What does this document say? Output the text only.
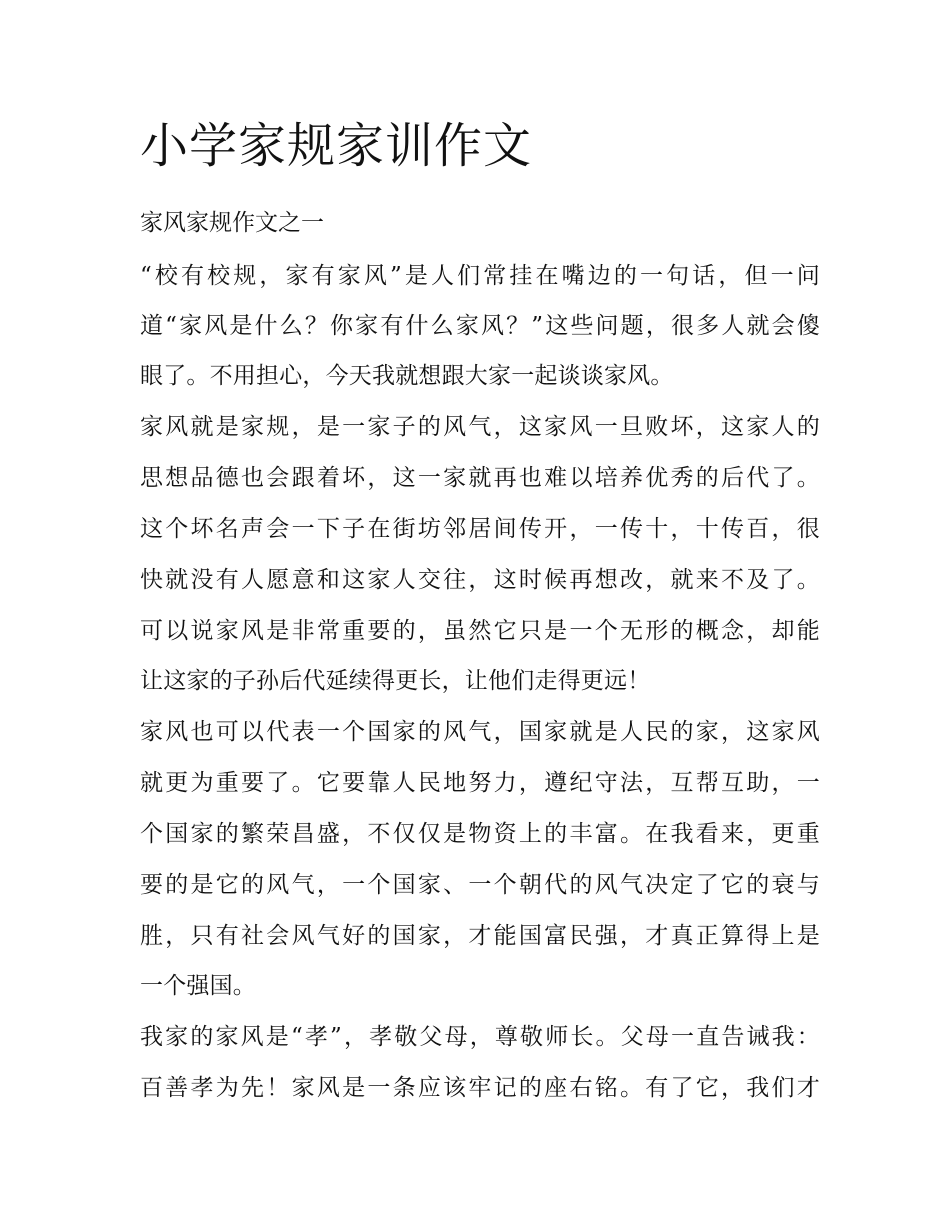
小学家规家训作文
家风家规作文之一
“校有校规，家有家风”是人们常挂在嘴边的一句话，但一问
道“家风是什么？你家有什么家风？”这些问题，很多人就会傻
眼了。不用担心，今天我就想跟大家一起谈谈家风。
家风就是家规，是一家子的风气，这家风一旦败坏，这家人的
思想品德也会跟着坏，这一家就再也难以培养优秀的后代了。
这个坏名声会一下子在街坊邻居间传开，一传十，十传百，很
快就没有人愿意和这家人交往，这时候再想改，就来不及了。
可以说家风是非常重要的，虽然它只是一个无形的概念，却能
让这家的子孙后代延续得更长，让他们走得更远！
家风也可以代表一个国家的风气，国家就是人民的家，这家风
就更为重要了。它要靠人民地努力，遵纪守法，互帮互助，一
个国家的繁荣昌盛，不仅仅是物资上的丰富。在我看来，更重
要的是它的风气，一个国家、一个朝代的风气决定了它的衰与
胜，只有社会风气好的国家，才能国富民强，才真正算得上是
一个强国。
我家的家风是“孝”，孝敬父母，尊敬师长。父母一直告诫我：
百善孝为先！家风是一条应该牢记的座右铭。有了它，我们才
